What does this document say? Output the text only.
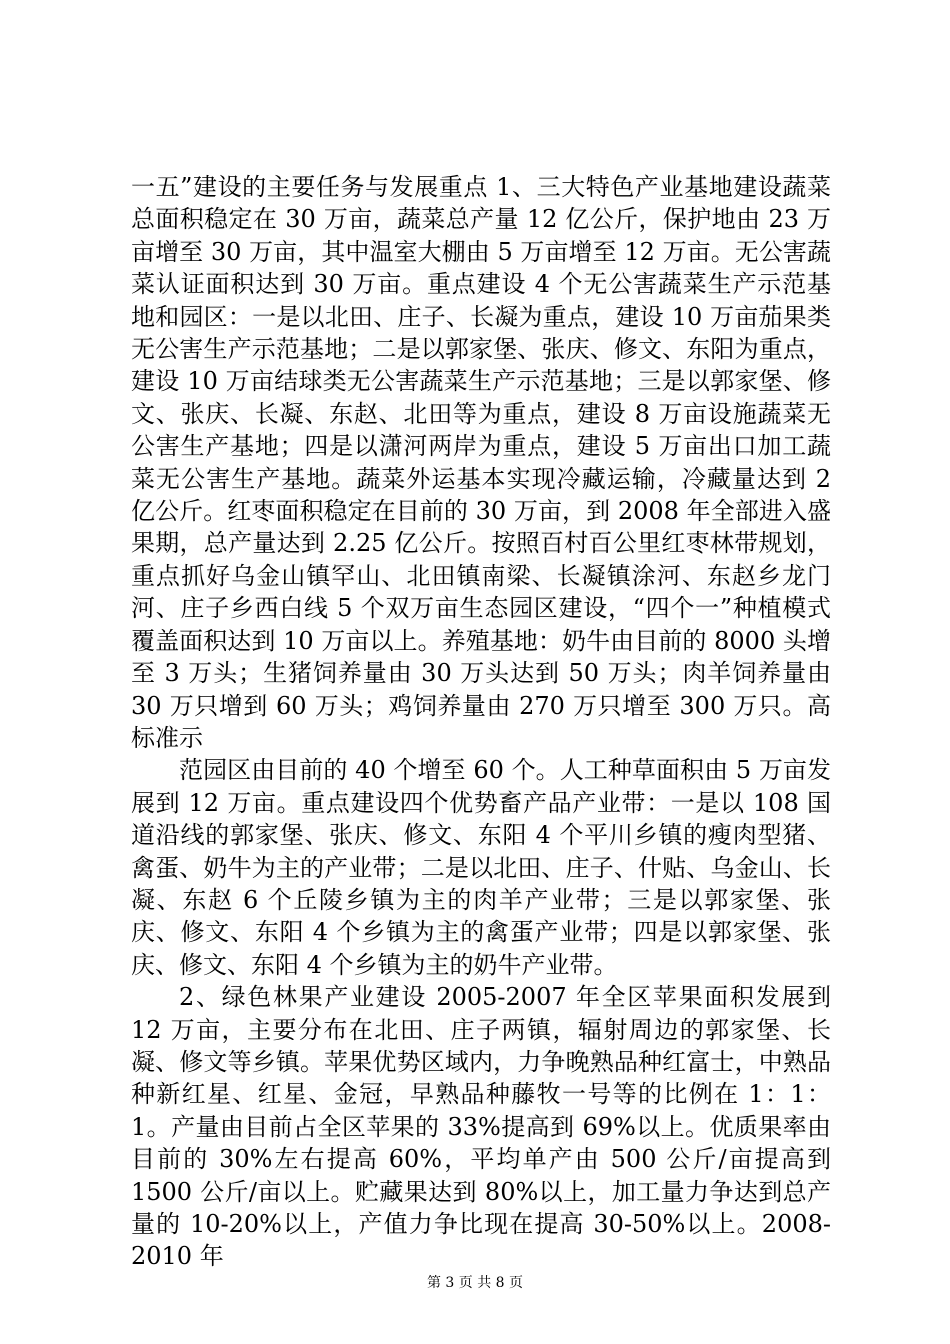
一五”建设的主要任务与发展重点 1、三大特色产业基地建设蔬菜总面积稳定在 30 万亩，蔬菜总产量 12 亿公斤，保护地由 23 万亩增至 30 万亩，其中温室大棚由 5 万亩增至 12 万亩。无公害蔬菜认证面积达到 30 万亩。重点建设 4 个无公害蔬菜生产示范基地和园区：一是以北田、庄子、长凝为重点，建设 10 万亩茄果类无公害生产示范基地；二是以郭家堡、张庆、修文、东阳为重点，建设 10 万亩结球类无公害蔬菜生产示范基地；三是以郭家堡、修文、张庆、长凝、东赵、北田等为重点，建设 8 万亩设施蔬菜无公害生产基地；四是以潇河两岸为重点，建设 5 万亩出口加工蔬菜无公害生产基地。蔬菜外运基本实现冷藏运输，冷藏量达到 2 亿公斤。红枣面积稳定在目前的 30 万亩，到 2008 年全部进入盛果期，总产量达到 2.25 亿公斤。按照百村百公里红枣林带规划，重点抓好乌金山镇罕山、北田镇南梁、长凝镇涂河、东赵乡龙门河、庄子乡西白线 5 个双万亩生态园区建设，“四个一”种植模式覆盖面积达到 10 万亩以上。养殖基地：奶牛由目前的 8000 头增至 3 万头；生猪饲养量由 30 万头达到 50 万头；肉羊饲养量由 30 万只增到 60 万头；鸡饲养量由 270 万只增至 300 万只。高标准示

范园区由目前的 40 个增至 60 个。人工种草面积由 5 万亩发展到 12 万亩。重点建设四个优势畜产品产业带：一是以 108 国道沿线的郭家堡、张庆、修文、东阳 4 个平川乡镇的瘦肉型猪、禽蛋、奶牛为主的产业带；二是以北田、庄子、什贴、乌金山、长凝、东赵 6 个丘陵乡镇为主的肉羊产业带；三是以郭家堡、张庆、修文、东阳 4 个乡镇为主的禽蛋产业带；四是以郭家堡、张庆、修文、东阳 4 个乡镇为主的奶牛产业带。

2、绿色林果产业建设 2005-2007 年全区苹果面积发展到 12 万亩，主要分布在北田、庄子两镇，辐射周边的郭家堡、长凝、修文等乡镇。苹果优势区域内，力争晚熟品种红富士，中熟品种新红星、红星、金冠，早熟品种藤牧一号等的比例在 1：1：1。产量由目前占全区苹果的 33%提高到 69%以上。优质果率由目前的 30%左右提高 60%，平均单产由 500 公斤/亩提高到 1500 公斤/亩以上。贮藏果达到 80%以上，加工量力争达到总产量的 10-20%以上，产值力争比现在提高 30-50%以上。2008-2010 年

第 3 页 共 8 页
